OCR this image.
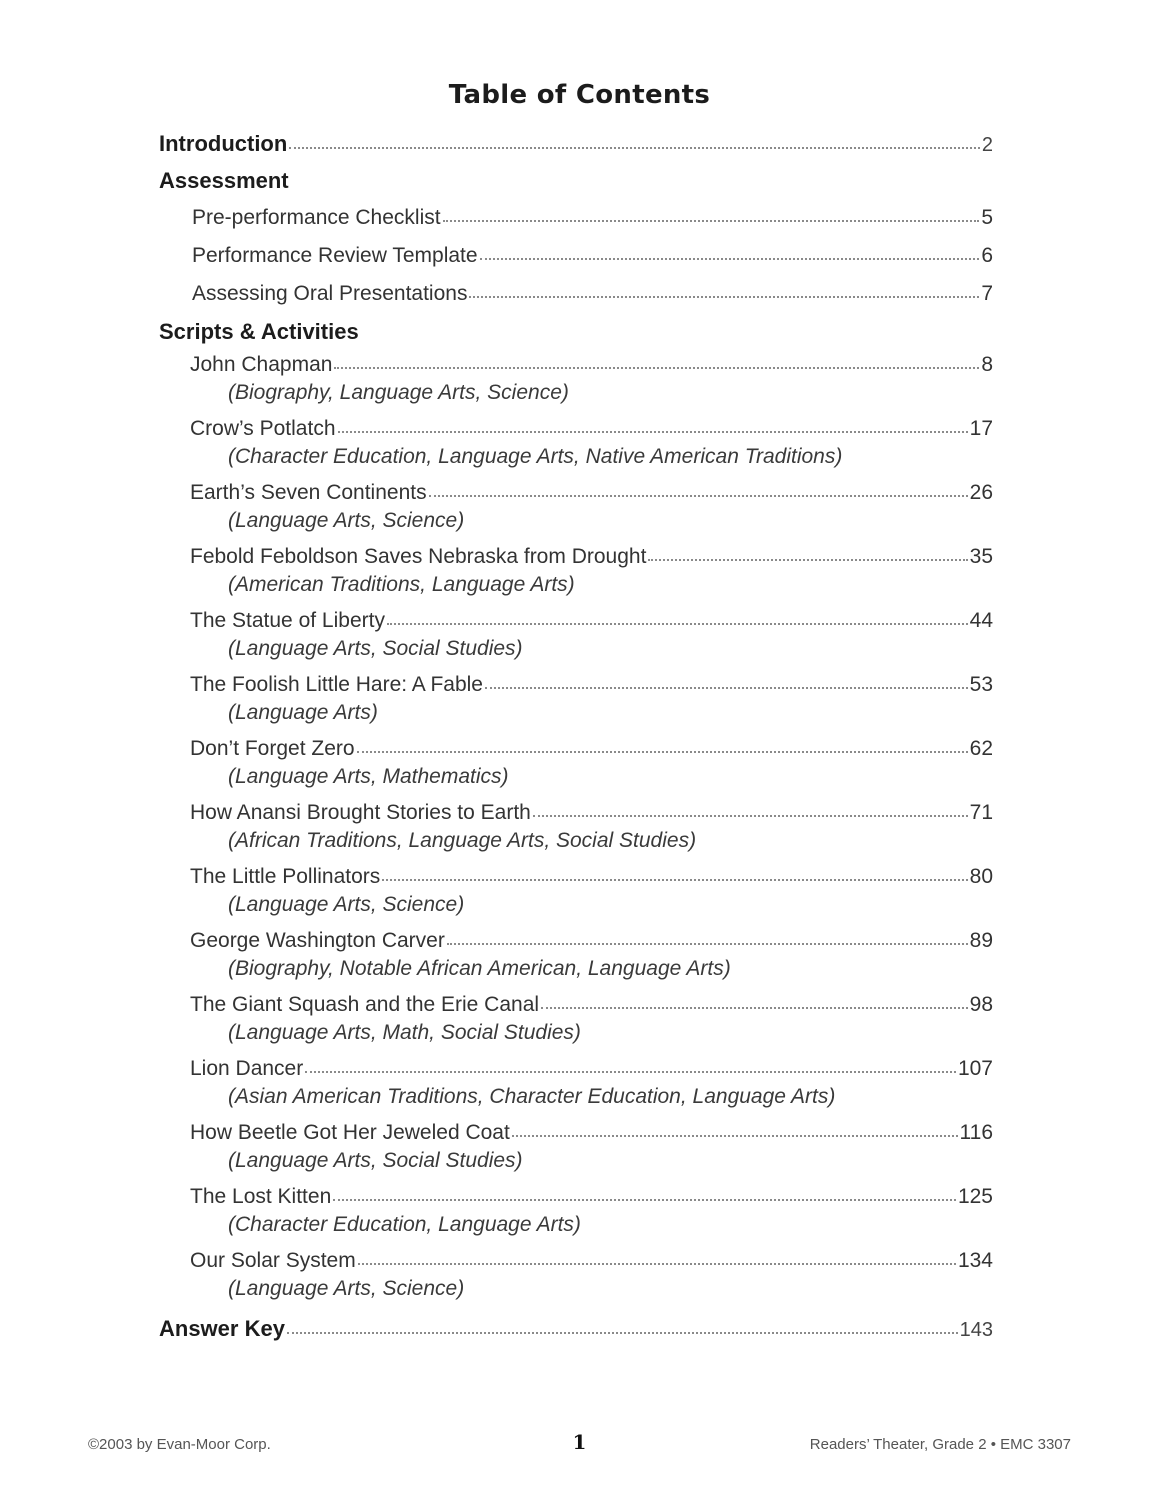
Table of Contents
Introduction	2
Assessment
Pre-performance Checklist	5
Performance Review Template	6
Assessing Oral Presentations	7
Scripts & Activities
John Chapman	8
(Biography, Language Arts, Science)
Crow’s Potlatch	17
(Character Education, Language Arts, Native American Traditions)
Earth’s Seven Continents	26
(Language Arts, Science)
Febold Feboldson Saves Nebraska from Drought	35
(American Traditions, Language Arts)
The Statue of Liberty	44
(Language Arts, Social Studies)
The Foolish Little Hare: A Fable	53
(Language Arts)
Don’t Forget Zero	62
(Language Arts, Mathematics)
How Anansi Brought Stories to Earth	71
(African Traditions, Language Arts, Social Studies)
The Little Pollinators	80
(Language Arts, Science)
George Washington Carver	89
(Biography, Notable African American, Language Arts)
The Giant Squash and the Erie Canal	98
(Language Arts, Math, Social Studies)
Lion Dancer	107
(Asian American Traditions, Character Education, Language Arts)
How Beetle Got Her Jeweled Coat	116
(Language Arts, Social Studies)
The Lost Kitten	125
(Character Education, Language Arts)
Our Solar System	134
(Language Arts, Science)
Answer Key	143
©2003 by Evan-Moor Corp.	1	Readers’ Theater, Grade 2 • EMC 3307
